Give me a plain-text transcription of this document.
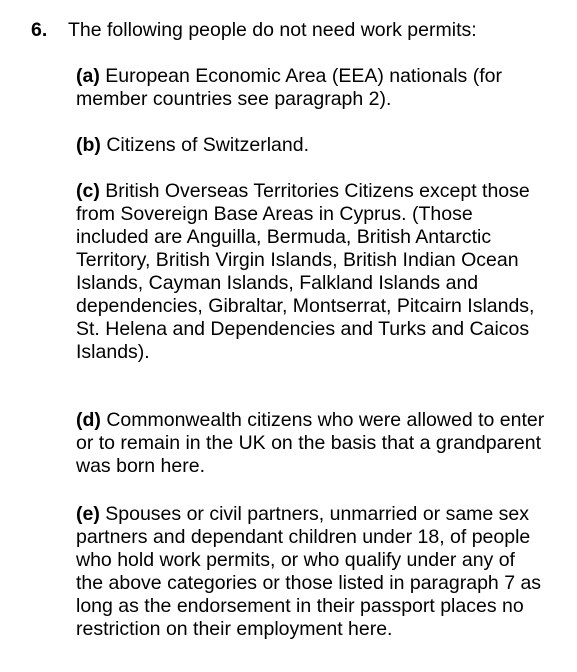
6. The following people do not need work permits:

(a) European Economic Area (EEA) nationals (for member countries see paragraph 2).

(b) Citizens of Switzerland.

(c) British Overseas Territories Citizens except those from Sovereign Base Areas in Cyprus. (Those included are Anguilla, Bermuda, British Antarctic Territory, British Virgin Islands, British Indian Ocean Islands, Cayman Islands, Falkland Islands and dependencies, Gibraltar, Montserrat, Pitcairn Islands, St. Helena and Dependencies and Turks and Caicos Islands).

(d) Commonwealth citizens who were allowed to enter or to remain in the UK on the basis that a grandparent was born here.

(e) Spouses or civil partners, unmarried or same sex partners and dependant children under 18, of people who hold work permits, or who qualify under any of the above categories or those listed in paragraph 7 as long as the endorsement in their passport places no restriction on their employment here.
